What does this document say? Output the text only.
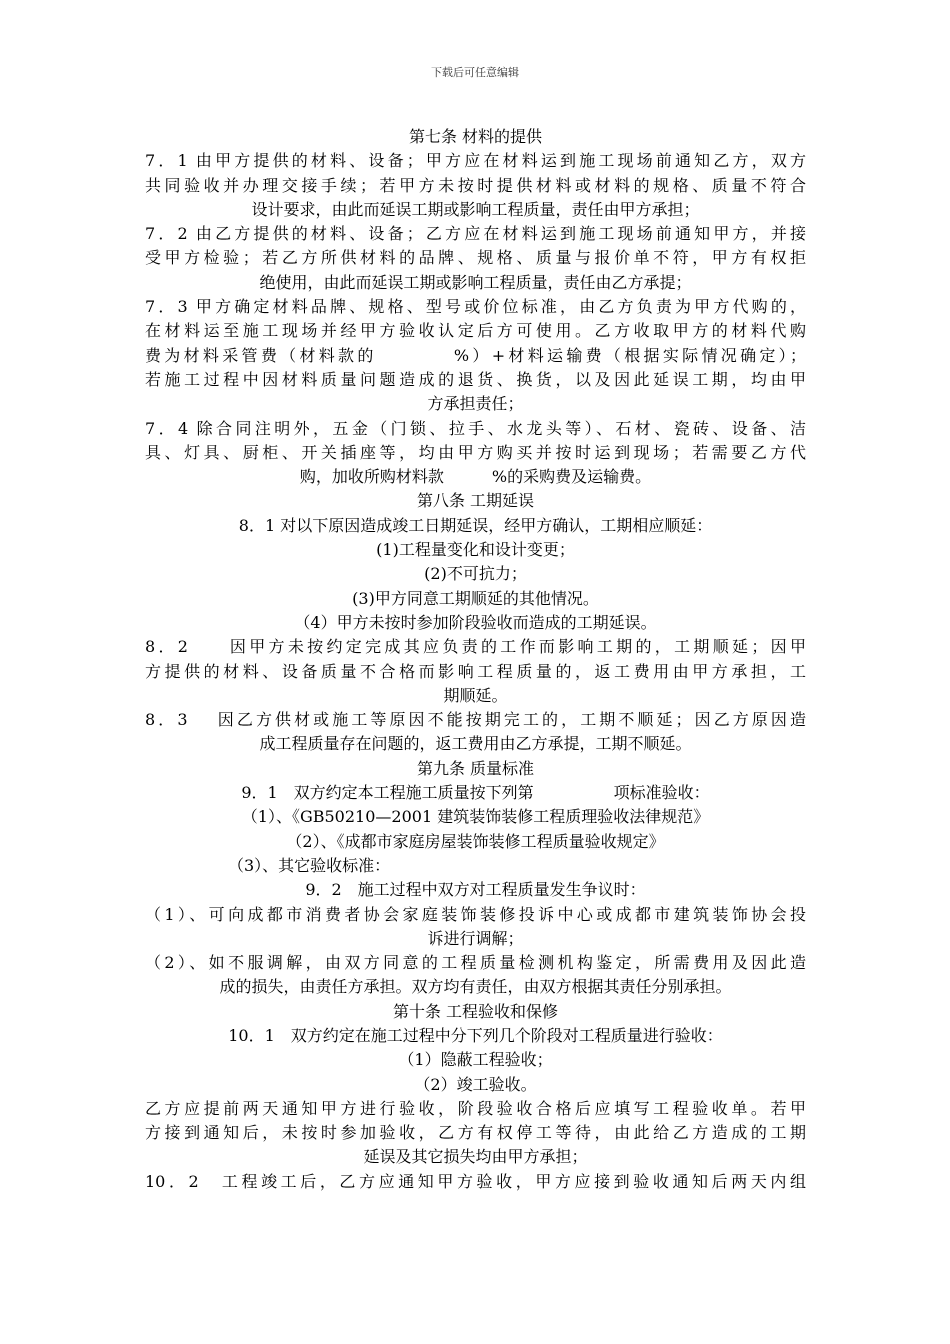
下载后可任意编辑
第七条 材料的提供
7．1 由甲方提供的材料、设备；甲方应在材料运到施工现场前通知乙方，双方
共同验收并办理交接手续；若甲方未按时提供材料或材料的规格、质量不符合
设计要求，由此而延误工期或影响工程质量，责任由甲方承担；
7．2 由乙方提供的材料、设备；乙方应在材料运到施工现场前通知甲方，并接
受甲方检验；若乙方所供材料的品牌、规格、质量与报价单不符，甲方有权拒
绝使用，由此而延误工期或影响工程质量，责任由乙方承提；
7．3 甲方确定材料品牌、规格、型号或价位标准，由乙方负责为甲方代购的，
在材料运至施工现场并经甲方验收认定后方可使用。乙方收取甲方的材料代购
费为材料采管费（材料款的　　　　%）+材料运输费（根据实际情况确定）；
若施工过程中因材料质量问题造成的退货、换货，以及因此延误工期，均由甲
方承担责任；
7．4 除合同注明外，五金（门锁、拉手、水龙头等）、石材、瓷砖、设备、洁
具、灯具、厨柜、开关插座等，均由甲方购买并按时运到现场；若需要乙方代
购，加收所购材料款　　　%的采购费及运输费。
第八条 工期延误
8．1 对以下原因造成竣工日期延误，经甲方确认，工期相应顺延：
(1)工程量变化和设计变更；
(2)不可抗力；
(3)甲方同意工期顺延的其他情况。
（4）甲方未按时参加阶段验收而造成的工期延误。
8．2　　因甲方未按约定完成其应负责的工作而影响工期的，工期顺延；因甲
方提供的材料、设备质量不合格而影响工程质量的，返工费用由甲方承担，工
期顺延。
8．3　 因乙方供材或施工等原因不能按期完工的，工期不顺延；因乙方原因造
成工程质量存在问题的，返工费用由乙方承提，工期不顺延。
第九条 质量标准
9．1　双方约定本工程施工质量按下列第　　　　　项标准验收：
（1）、《GB50210—2001 建筑装饰装修工程质理验收法律规范》
（2）、《成都市家庭房屋装饰装修工程质量验收规定》
（3）、其它验收标准：
9．2　施工过程中双方对工程质量发生争议时：
（1）、可向成都市消费者协会家庭装饰装修投诉中心或成都市建筑装饰协会投
诉进行调解；
（2）、如不服调解，由双方同意的工程质量检测机构鉴定，所需费用及因此造
成的损失，由责任方承担。双方均有责任，由双方根据其责任分别承担。
第十条 工程验收和保修
10．1　双方约定在施工过程中分下列几个阶段对工程质量进行验收：
（1）隐蔽工程验收；
（2）竣工验收。
乙方应提前两天通知甲方进行验收，阶段验收合格后应填写工程验收单。若甲
方接到通知后，未按时参加验收，乙方有权停工等待，由此给乙方造成的工期
延误及其它损失均由甲方承担；
10．2　工程竣工后，乙方应通知甲方验收，甲方应接到验收通知后两天内组
